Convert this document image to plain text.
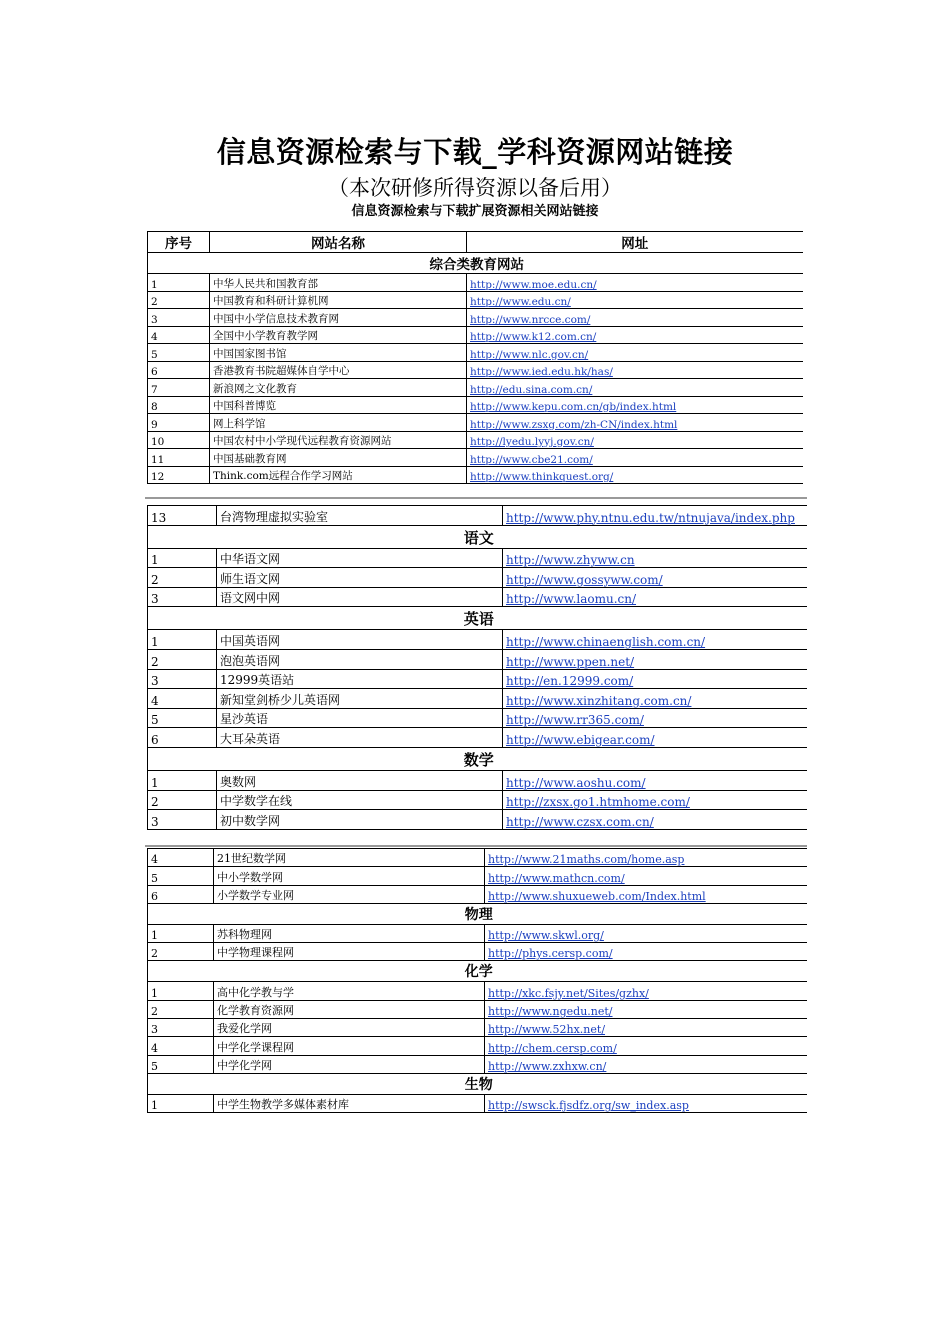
信息资源检索与下载_学科资源网站链接
（本次研修所得资源以备后用）
信息资源检索与下载扩展资源相关网站链接
序号	网站名称	网址
综合类教育网站		
1	中华人民共和国教育部	http://www.moe.edu.cn/
2	中国教育和科研计算机网	http://www.edu.cn/
3	中国中小学信息技术教育网	http://www.nrcce.com/
4	全国中小学教育教学网	http://www.k12.com.cn/
5	中国国家图书馆	http://www.nlc.gov.cn/
6	香港教育书院超媒体自学中心	http://www.ied.edu.hk/has/
7	新浪网之文化教育	http://edu.sina.com.cn/
8	中国科普博览	http://www.kepu.com.cn/gb/index.html
9	网上科学馆	http://www.zsxg.com/zh-CN/index.html
10	中国农村中小学现代远程教育资源网站	http://lyedu.lyyj.gov.cn/
11	中国基础教育网	http://www.cbe21.com/
12	Think.com远程合作学习网站	http://www.thinkquest.org/
13	台湾物理虚拟实验室	http://www.phy.ntnu.edu.tw/ntnujava/index.php
语文		
1	中华语文网	http://www.zhyww.cn
2	师生语文网	http://www.gossyww.com/
3	语文网中网	http://www.laomu.cn/
英语		
1	中国英语网	http://www.chinaenglish.com.cn/
2	泡泡英语网	http://www.ppen.net/
3	12999英语站	http://en.12999.com/
4	新知堂剑桥少儿英语网	http://www.xinzhitang.com.cn/
5	星沙英语	http://www.rr365.com/
6	大耳朵英语	http://www.ebigear.com/
数学		
1	奥数网	http://www.aoshu.com/
2	中学数学在线	http://zxsx.go1.htmhome.com/
3	初中数学网	http://www.czsx.com.cn/
4	21世纪数学网	http://www.21maths.com/home.asp
5	中小学数学网	http://www.mathcn.com/
6	小学数学专业网	http://www.shuxueweb.com/Index.html
物理		
1	苏科物理网	http://www.skwl.org/
2	中学物理课程网	http://phys.cersp.com/
化学		
1	高中化学教与学	http://xkc.fsjy.net/Sites/gzhx/
2	化学教育资源网	http://www.ngedu.net/
3	我爱化学网	http://www.52hx.net/
4	中学化学课程网	http://chem.cersp.com/
5	中学化学网	http://www.zxhxw.cn/
生物		
1	中学生物教学多媒体素材库	http://swsck.fjsdfz.org/sw_index.asp
